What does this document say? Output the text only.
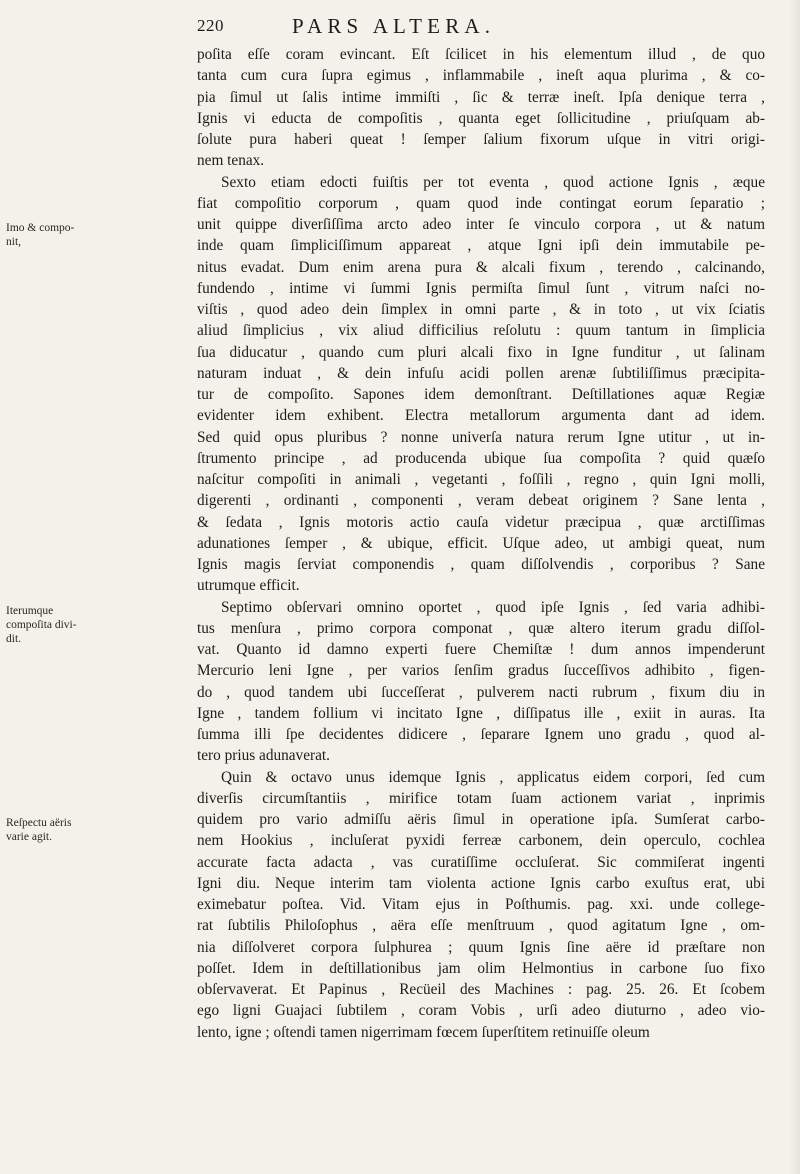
220	PARS ALTERA.
Imo & compo-
nit,
Iterumque
compoſita divi-
dit.
Reſpectu aëris
varie agit.
poſita eſſe coram evincant. Eſt ſcilicet in his elementum illud , de quo
tanta cum cura ſupra egimus , inflammabile , ineſt aqua plurima , & co-
pia ſimul ut ſalis intime immiſti , ſic & terræ ineſt. Ipſa denique terra ,
Ignis vi educta de compoſitis , quanta eget ſollicitudine , priuſquam ab-
ſolute pura haberi queat ! ſemper ſalium fixorum uſque in vitri origi-
nem tenax.
Sexto etiam edocti fuiſtis per tot eventa , quod actione Ignis , æque
fiat compoſitio corporum , quam quod inde contingat eorum ſeparatio ;
unit quippe diverſiſſima arcto adeo inter ſe vinculo corpora , ut & natum
inde quam ſimpliciſſimum appareat , atque Igni ipſi dein immutabile pe-
nitus evadat. Dum enim arena pura & alcali fixum , terendo , calcinando,
fundendo , intime vi ſummi Ignis permiſta ſimul ſunt , vitrum naſci no-
viſtis , quod adeo dein ſimplex in omni parte , & in toto , ut vix ſciatis
aliud ſimplicius , vix aliud difficilius reſolutu : quum tantum in ſimplicia
ſua diducatur , quando cum pluri alcali fixo in Igne funditur , ut ſalinam
naturam induat , & dein infuſu acidi pollen arenæ ſubtiliſſimus præcipita-
tur de compoſito. Sapones idem demonſtrant. Deſtillationes aquæ Regiæ
evidenter idem exhibent. Electra metallorum argumenta dant ad idem.
Sed quid opus pluribus ? nonne univerſa natura rerum Igne utitur , ut in-
ſtrumento principe , ad producenda ubique ſua compoſita ? quid quæſo
naſcitur compoſiti in animali , vegetanti , foſſili , regno , quin Igni molli,
digerenti , ordinanti , componenti , veram debeat originem ? Sane lenta ,
& ſedata , Ignis motoris actio cauſa videtur præcipua , quæ arctiſſimas
adunationes ſemper , & ubique, efficit. Uſque adeo, ut ambigi queat, num
Ignis magis ſerviat componendis , quam diſſolvendis , corporibus ? Sane
utrumque efficit.
Septimo obſervari omnino oportet , quod ipſe Ignis , ſed varia adhibi-
tus menſura , primo corpora componat , quæ altero iterum gradu diſſol-
vat. Quanto id damno experti fuere Chemiſtæ ! dum annos impenderunt
Mercurio leni Igne , per varios ſenſim gradus ſucceſſivos adhibito , figen-
do , quod tandem ubi ſucceſſerat , pulverem nacti rubrum , fixum diu in
Igne , tandem follium vi incitato Igne , diſſipatus ille , exiit in auras. Ita
ſumma illi ſpe decidentes didicere , ſeparare Ignem uno gradu , quod al-
tero prius adunaverat.
Quin & octavo unus idemque Ignis , applicatus eidem corpori, ſed cum
diverſis circumſtantiis , mirifice totam ſuam actionem variat , inprimis
quidem pro vario admiſſu aëris ſimul in operatione ipſa. Sumſerat carbo-
nem Hookius , incluſerat pyxidi ferreæ carbonem, dein operculo, cochlea
accurate facta adacta , vas curatiſſime occluſerat. Sic commiſerat ingenti
Igni diu. Neque interim tam violenta actione Ignis carbo exuſtus erat, ubi
eximebatur poſtea. Vid. Vitam ejus in Poſthumis. pag. xxi. unde college-
rat ſubtilis Philoſophus , aëra eſſe menſtruum , quod agitatum Igne , om-
nia diſſolveret corpora ſulphurea ; quum Ignis ſine aëre id præſtare non
poſſet. Idem in deſtillationibus jam olim Helmontius in carbone ſuo fixo
obſervaverat. Et Papinus , Recüeil des Machines : pag. 25. 26. Et ſcobem
ego ligni Guajaci ſubtilem , coram Vobis , urſi adeo diuturno , adeo vio-
lento, igne ; oſtendi tamen nigerrimam fœcem ſuperſtitem retinuiſſe oleum
